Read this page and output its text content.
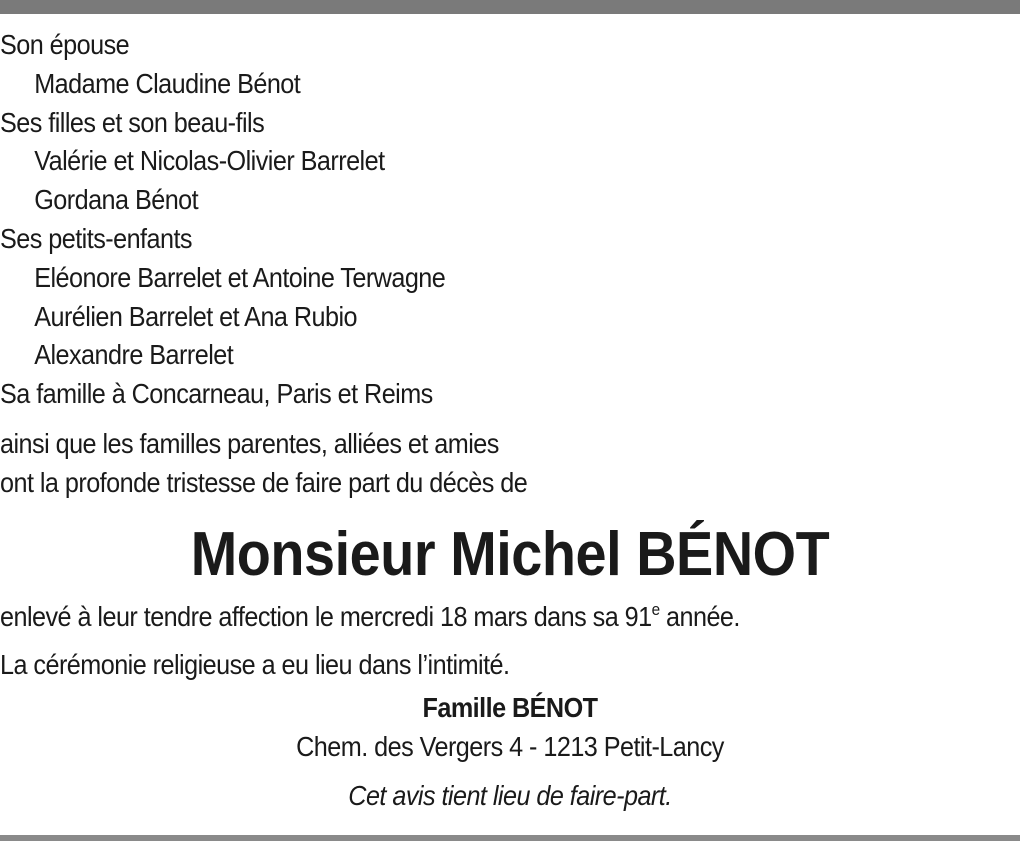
Son épouse
Madame Claudine Bénot
Ses filles et son beau-fils
Valérie et Nicolas-Olivier Barrelet
Gordana Bénot
Ses petits-enfants
Eléonore Barrelet et Antoine Terwagne
Aurélien Barrelet et Ana Rubio
Alexandre Barrelet
Sa famille à Concarneau, Paris et Reims
ainsi que les familles parentes, alliées et amies
ont la profonde tristesse de faire part du décès de
Monsieur Michel BÉNOT
enlevé à leur tendre affection le mercredi 18 mars dans sa 91e année.
La cérémonie religieuse a eu lieu dans l’intimité.
Famille BÉNOT
Chem. des Vergers 4 - 1213 Petit-Lancy
Cet avis tient lieu de faire-part.
